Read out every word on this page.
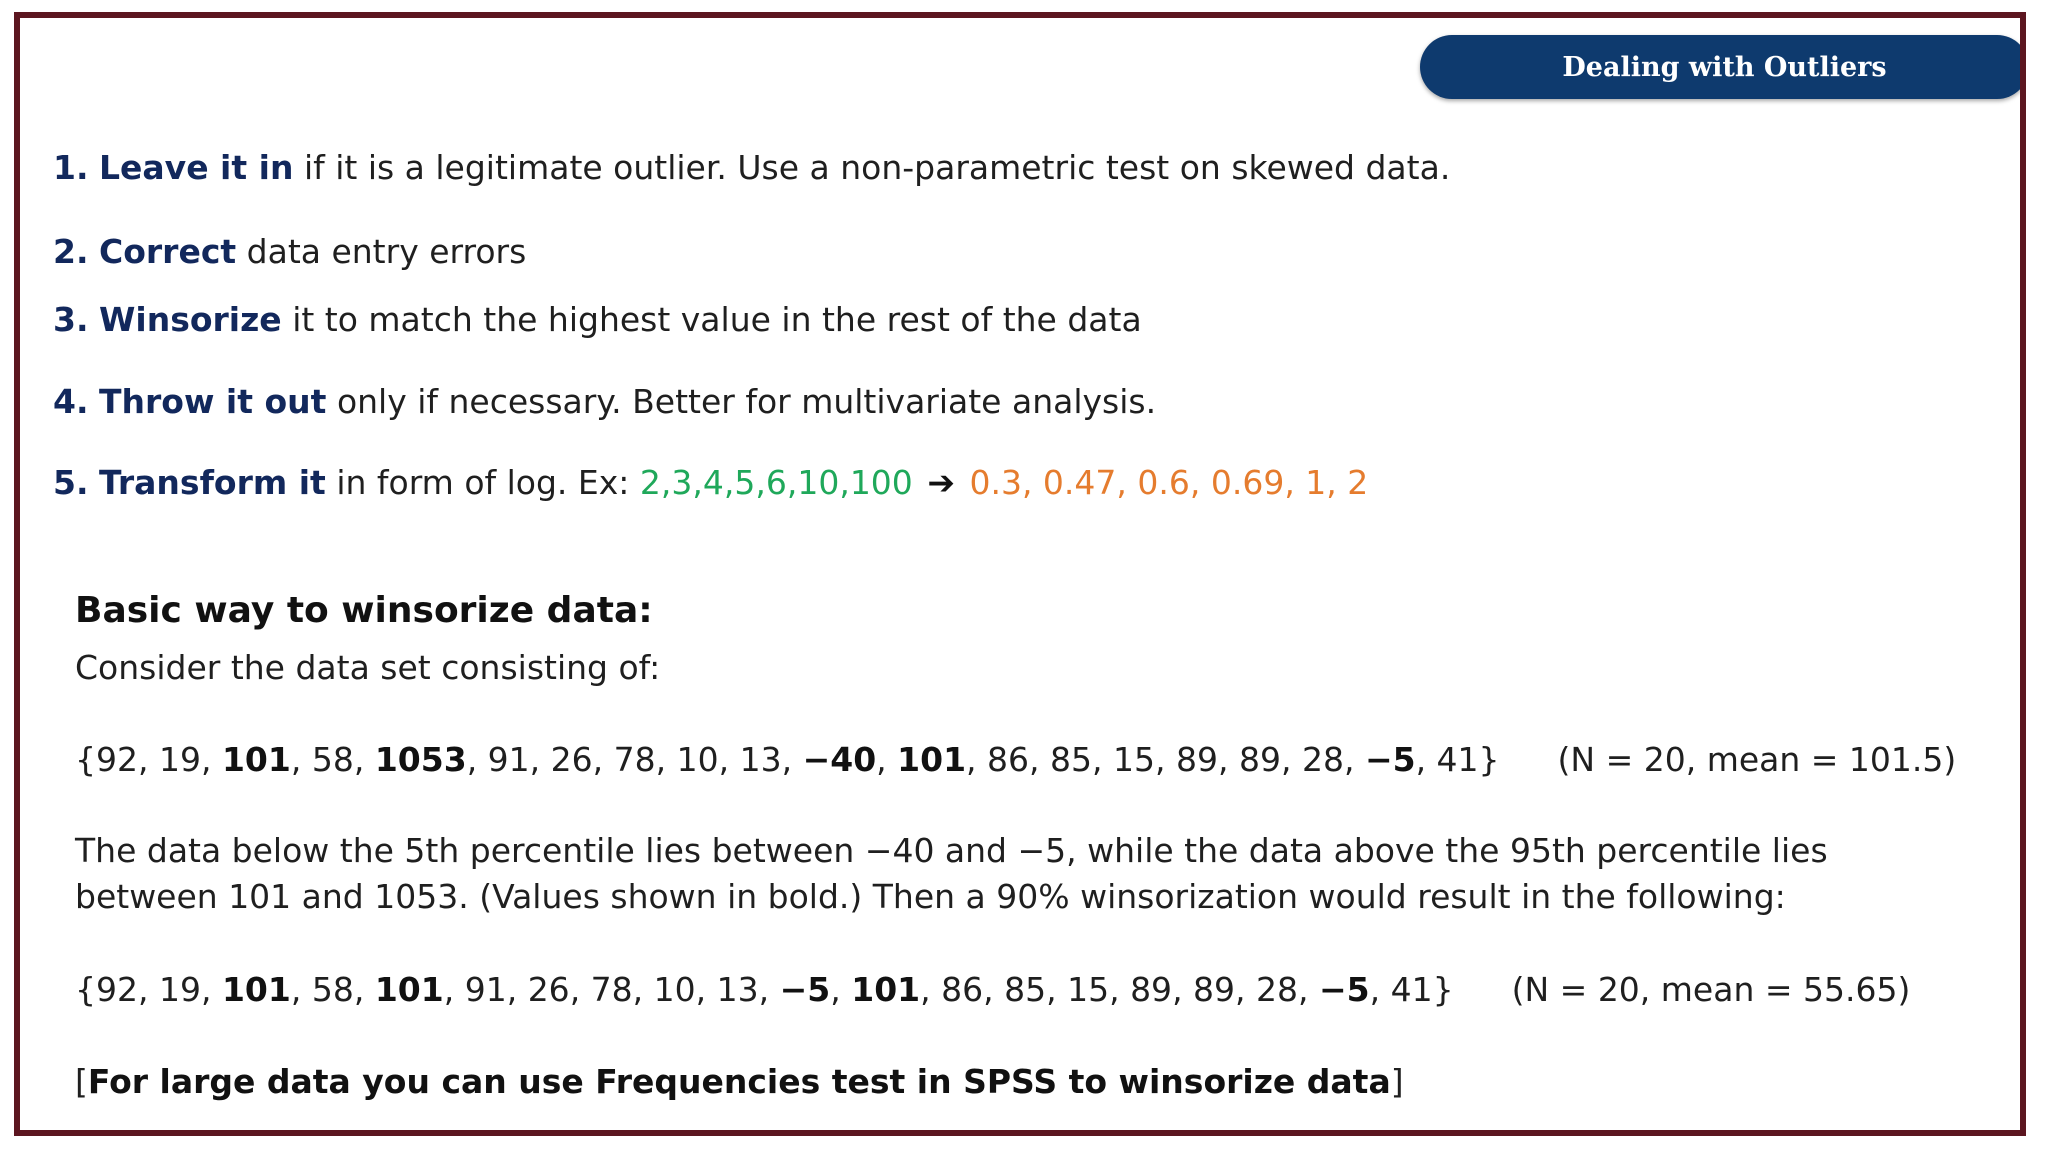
Dealing with Outliers
1. Leave it in if it is a legitimate outlier. Use a non-parametric test on skewed data.
2. Correct data entry errors
3. Winsorize it to match the highest value in the rest of the data
4. Throw it out only if necessary. Better for multivariate analysis.
5. Transform it in form of log. Ex: 2,3,4,5,6,10,100 ➔ 0.3, 0.47, 0.6, 0.69, 1, 2
Basic way to winsorize data:
Consider the data set consisting of:
{92, 19, 101, 58, 1053, 91, 26, 78, 10, 13, −40, 101, 86, 85, 15, 89, 89, 28, −5, 41} (N = 20, mean = 101.5)
The data below the 5th percentile lies between −40 and −5, while the data above the 95th percentile lies between 101 and 1053. (Values shown in bold.) Then a 90% winsorization would result in the following:
{92, 19, 101, 58, 101, 91, 26, 78, 10, 13, −5, 101, 86, 85, 15, 89, 89, 28, −5, 41} (N = 20, mean = 55.65)
[For large data you can use Frequencies test in SPSS to winsorize data]
